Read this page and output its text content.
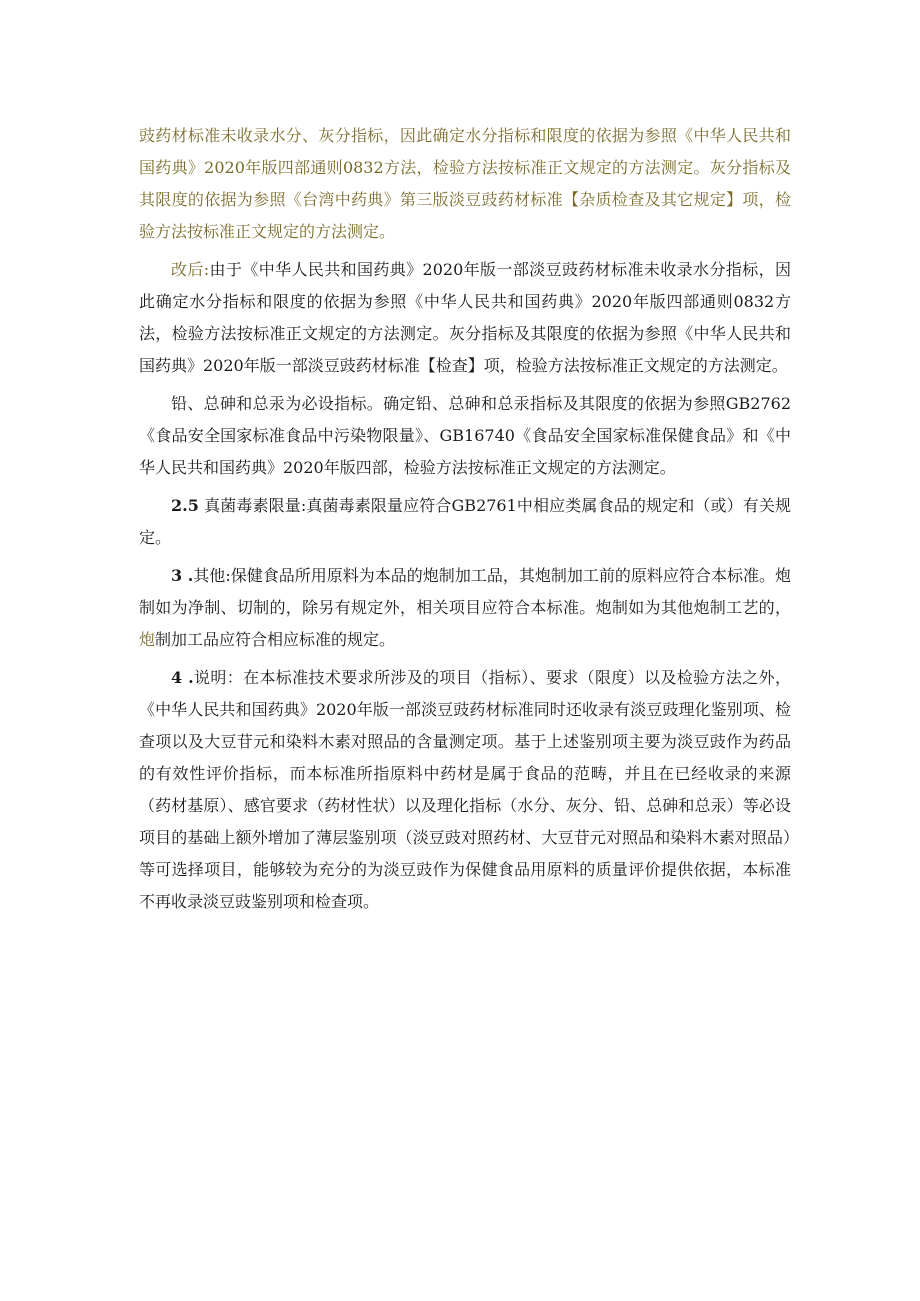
豉药材标准未收录水分、灰分指标，因此确定水分指标和限度的依据为参照《中华人民共和国药典》2020年版四部通则0832方法，检验方法按标准正文规定的方法测定。灰分指标及其限度的依据为参照《台湾中药典》第三版淡豆豉药材标准【杂质检查及其它规定】项，检验方法按标准正文规定的方法测定。

改后:由于《中华人民共和国药典》2020年版一部淡豆豉药材标准未收录水分指标，因此确定水分指标和限度的依据为参照《中华人民共和国药典》2020年版四部通则0832方法，检验方法按标准正文规定的方法测定。灰分指标及其限度的依据为参照《中华人民共和国药典》2020年版一部淡豆豉药材标准【检查】项，检验方法按标准正文规定的方法测定。

铅、总砷和总汞为必设指标。确定铅、总砷和总汞指标及其限度的依据为参照GB2762《食品安全国家标准食品中污染物限量》、GB16740《食品安全国家标准保健食品》和《中华人民共和国药典》2020年版四部，检验方法按标准正文规定的方法测定。

2.5 真菌毒素限量:真菌毒素限量应符合GB2761中相应类属食品的规定和（或）有关规定。

3 .其他:保健食品所用原料为本品的炮制加工品，其炮制加工前的原料应符合本标准。炮制如为净制、切制的，除另有规定外，相关项目应符合本标准。炮制如为其他炮制工艺的，炮制加工品应符合相应标准的规定。

4 .说明：在本标准技术要求所涉及的项目（指标）、要求（限度）以及检验方法之外，《中华人民共和国药典》2020年版一部淡豆豉药材标准同时还收录有淡豆豉理化鉴别项、检查项以及大豆苷元和染料木素对照品的含量测定项。基于上述鉴别项主要为淡豆豉作为药品的有效性评价指标，而本标准所指原料中药材是属于食品的范畴，并且在已经收录的来源（药材基原）、感官要求（药材性状）以及理化指标（水分、灰分、铅、总砷和总汞）等必设项目的基础上额外增加了薄层鉴别项（淡豆豉对照药材、大豆苷元对照品和染料木素对照品）等可选择项目，能够较为充分的为淡豆豉作为保健食品用原料的质量评价提供依据，本标准不再收录淡豆豉鉴别项和检查项。
